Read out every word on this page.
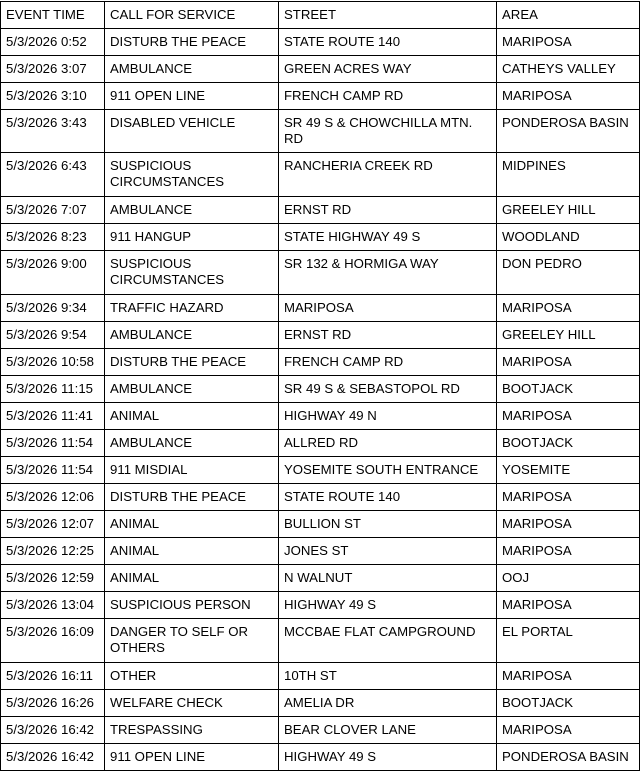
EVENT TIME	CALL FOR SERVICE	STREET	AREA
5/3/2026 0:52	DISTURB THE PEACE	STATE ROUTE 140	MARIPOSA
5/3/2026 3:07	AMBULANCE	GREEN ACRES WAY	CATHEYS VALLEY
5/3/2026 3:10	911 OPEN LINE	FRENCH CAMP RD	MARIPOSA
5/3/2026 3:43	DISABLED VEHICLE	SR 49 S & CHOWCHILLA MTN. RD	PONDEROSA BASIN
5/3/2026 6:43	SUSPICIOUS CIRCUMSTANCES	RANCHERIA CREEK RD	MIDPINES
5/3/2026 7:07	AMBULANCE	ERNST RD	GREELEY HILL
5/3/2026 8:23	911 HANGUP	STATE HIGHWAY 49 S	WOODLAND
5/3/2026 9:00	SUSPICIOUS CIRCUMSTANCES	SR 132 & HORMIGA WAY	DON PEDRO
5/3/2026 9:34	TRAFFIC HAZARD	MARIPOSA	MARIPOSA
5/3/2026 9:54	AMBULANCE	ERNST RD	GREELEY HILL
5/3/2026 10:58	DISTURB THE PEACE	FRENCH CAMP RD	MARIPOSA
5/3/2026 11:15	AMBULANCE	SR 49 S & SEBASTOPOL RD	BOOTJACK
5/3/2026 11:41	ANIMAL	HIGHWAY 49 N	MARIPOSA
5/3/2026 11:54	AMBULANCE	ALLRED RD	BOOTJACK
5/3/2026 11:54	911 MISDIAL	YOSEMITE SOUTH ENTRANCE	YOSEMITE
5/3/2026 12:06	DISTURB THE PEACE	STATE ROUTE 140	MARIPOSA
5/3/2026 12:07	ANIMAL	BULLION ST	MARIPOSA
5/3/2026 12:25	ANIMAL	JONES ST	MARIPOSA
5/3/2026 12:59	ANIMAL	N WALNUT	OOJ
5/3/2026 13:04	SUSPICIOUS PERSON	HIGHWAY 49 S	MARIPOSA
5/3/2026 16:09	DANGER TO SELF OR OTHERS	MCCBAE FLAT CAMPGROUND	EL PORTAL
5/3/2026 16:11	OTHER	10TH ST	MARIPOSA
5/3/2026 16:26	WELFARE CHECK	AMELIA DR	BOOTJACK
5/3/2026 16:42	TRESPASSING	BEAR CLOVER LANE	MARIPOSA
5/3/2026 16:42	911 OPEN LINE	HIGHWAY 49 S	PONDEROSA BASIN
